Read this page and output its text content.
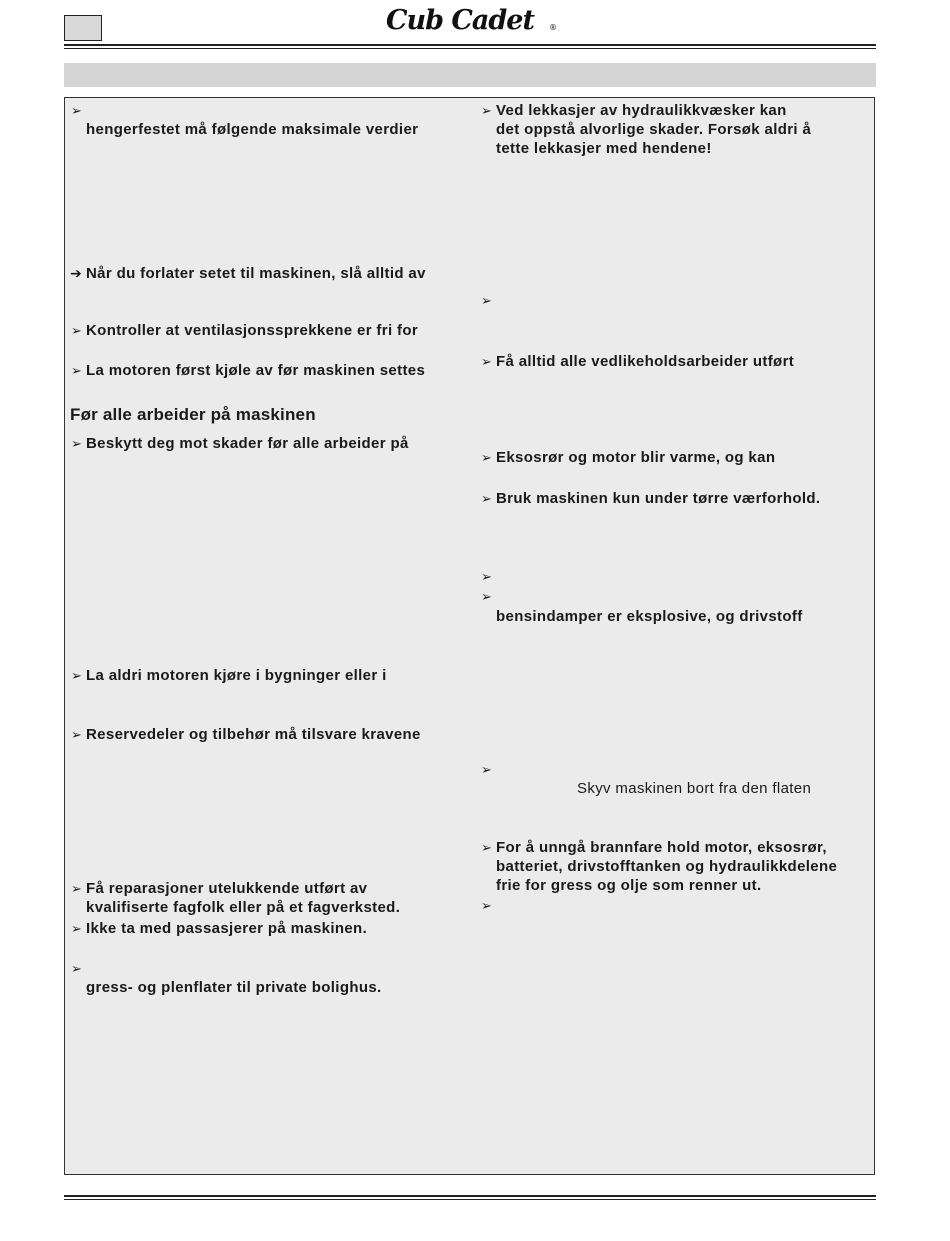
Cub Cadet ®
➢
hengerfestet må følgende maksimale verdier
➔ Når du forlater setet til maskinen, slå alltid av
➢ Kontroller at ventilasjonssprekkene er fri for
➢ La motoren først kjøle av før maskinen settes
Før alle arbeider på maskinen
➢ Beskytt deg mot skader før alle arbeider på
➢ La aldri motoren kjøre i bygninger eller i
➢ Reservedeler og tilbehør må tilsvare kravene
➢ Få reparasjoner utelukkende utført av
kvalifiserte fagfolk eller på et fagverksted.
➢ Ikke ta med passasjerer på maskinen.
➢
gress- og plenflater til private bolighus.
➢ Ved lekkasjer av hydraulikkvæsker kan
det oppstå alvorlige skader. Forsøk aldri å
tette lekkasjer med hendene!
➢
➢ Få alltid alle vedlikeholdsarbeider utført
➢ Eksosrør og motor blir varme, og kan
➢ Bruk maskinen kun under tørre værforhold.
➢
➢
bensindamper er eksplosive, og drivstoff
➢
Skyv maskinen bort fra den flaten
➢ For å unngå brannfare hold motor, eksosrør,
batteriet, drivstofftanken og hydraulikkdelene
frie for gress og olje som renner ut.
➢
